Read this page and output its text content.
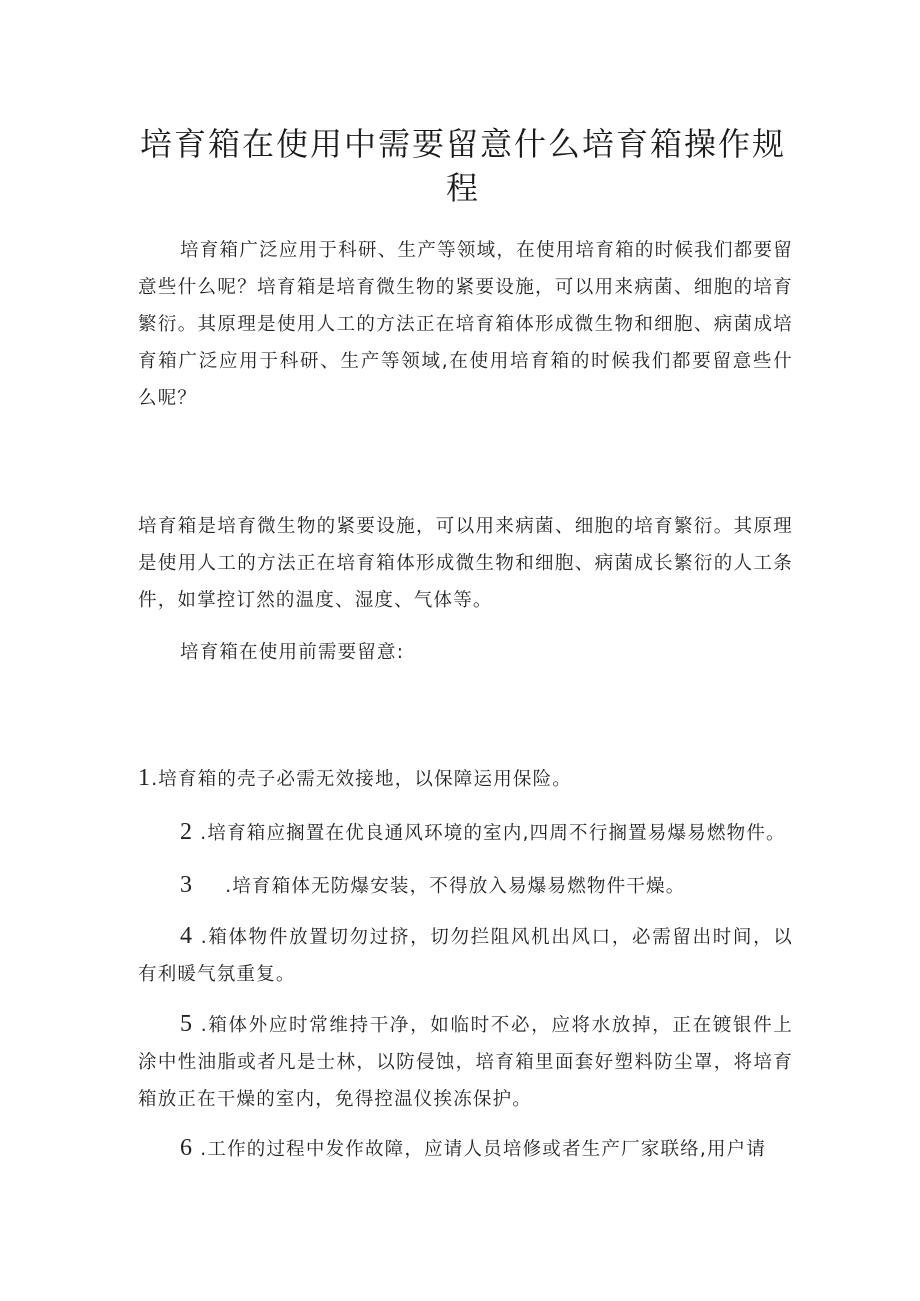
培育箱在使用中需要留意什么培育箱操作规程

培育箱广泛应用于科研、生产等领域，在使用培育箱的时候我们都要留意些什么呢？培育箱是培育微生物的紧要设施，可以用来病菌、细胞的培育繁衍。其原理是使用人工的方法正在培育箱体形成微生物和细胞、病菌成培育箱广泛应用于科研、生产等领域,在使用培育箱的时候我们都要留意些什么呢？

培育箱是培育微生物的紧要设施，可以用来病菌、细胞的培育繁衍。其原理是使用人工的方法正在培育箱体形成微生物和细胞、病菌成长繁衍的人工条件，如掌控订然的温度、湿度、气体等。

培育箱在使用前需要留意:

1.培育箱的壳子必需无效接地，以保障运用保险。

2 .培育箱应搁置在优良通风环境的室内,四周不行搁置易爆易燃物件。

3 .培育箱体无防爆安装，不得放入易爆易燃物件干燥。

4 .箱体物件放置切勿过挤，切勿拦阻风机出风口，必需留出时间，以有利暖气氛重复。

5 .箱体外应时常维持干净，如临时不必，应将水放掉，正在镀银件上涂中性油脂或者凡是士林，以防侵蚀，培育箱里面套好塑料防尘罩，将培育箱放正在干燥的室内，免得控温仪挨冻保护。

6 .工作的过程中发作故障，应请人员培修或者生产厂家联络,用户请
